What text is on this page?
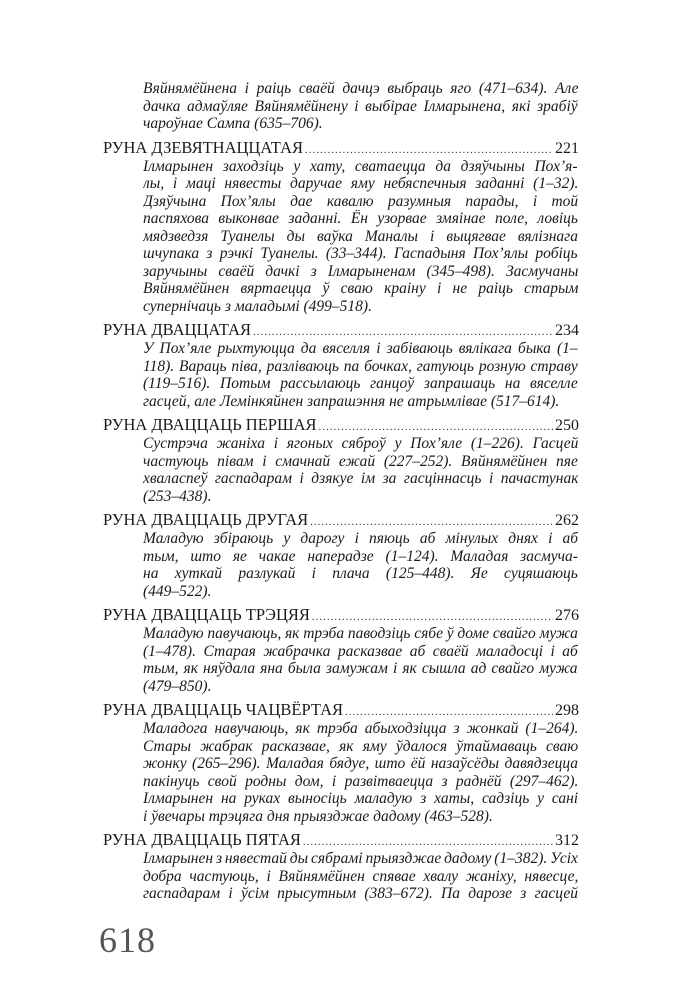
Вяйнямёйнена і раіць сваёй дачцэ выбраць яго (471–634). Але
дачка адмаўляе Вяйнямёйнену і выбірае Ілмарынена, які зрабіў
чароўнае Сампа (635–706).
РУНА ДЗЕВЯТНАЦЦАТАЯ .....	221
Ілмарынен заходзіць у хату, сватаецца да дзяўчыны Пох’я-
лы, і маці нявесты даручае яму небяспечныя заданні (1–32).
Дзяўчына Пох’ялы дае кавалю разумныя парады, і той
паспяхова выконвае заданні. Ён узорвае змяінае поле, ловіць
мядзведзя Туанелы ды ваўка Маналы і выцягвае вялізнага
шчупака з рэчкі Туанелы. (33–344). Гаспадыня Пох’ялы робіць
заручыны сваёй дачкі з Ілмарыненам (345–498). Засмучаны
Вяйнямёйнен вяртаецца ў сваю краіну і не раіць старым
супернічаць з маладымі (499–518).
РУНА ДВАЦЦАТАЯ .....	234
У Пох’яле рыхтуюцца да вяселля і забіваюць вялікага быка (1–
118). Вараць піва, разліваюць па бочках, гатуюць розную страву
(119–516). Потым рассылаюць ганцоў запрашаць на вяселле
гасцей, але Лемінкяйнен запрашэння не атрымлівае (517–614).
РУНА ДВАЦЦАЦЬ ПЕРШАЯ .....	250
Сустрэча жаніха і ягоных сяброў у Пох’яле (1–226). Гасцей
частуюць півам і смачнай ежай (227–252). Вяйнямёйнен пяе
хваласпеў гаспадарам і дзякуе ім за гасціннасць і пачастунак
(253–438).
РУНА ДВАЦЦАЦЬ ДРУГАЯ .....	262
Маладую збіраюць у дарогу і пяюць аб мінулых днях і аб
тым, што яе чакае наперадзе (1–124). Маладая засмуча-
на хуткай разлукай і плача (125–448). Яе суцяшаюць
(449–522).
РУНА ДВАЦЦАЦЬ ТРЭЦЯЯ .....	276
Маладую павучаюць, як трэба паводзіць сябе ў доме свайго мужа
(1–478). Старая жабрачка расказвае аб сваёй маладосці і аб
тым, як няўдала яна была замужам і як сышла ад свайго мужа
(479–850).
РУНА ДВАЦЦАЦЬ ЧАЦВЁРТАЯ .....	298
Маладога навучаюць, як трэба абыходзіцца з жонкай (1–264).
Стары жабрак расказвае, як яму ўдалося ўтаймаваць сваю
жонку (265–296). Маладая бядуе, што ёй назаўсёды давядзецца
пакінуць свой родны дом, і развітваецца з раднёй (297–462).
Ілмарынен на руках выносіць маладую з хаты, садзіць у сані
і ўвечары трэцяга дня прыязджае дадому (463–528).
РУНА ДВАЦЦАЦЬ ПЯТАЯ .....	312
Ілмарынен з нявестай ды сябрамі прыязджае дадому (1–382). Усіх
добра частуюць, і Вяйнямёйнен спявае хвалу жаніху, нявесце,
гаспадарам і ўсім прысутным (383–672). Па дарозе з гасцей
618
